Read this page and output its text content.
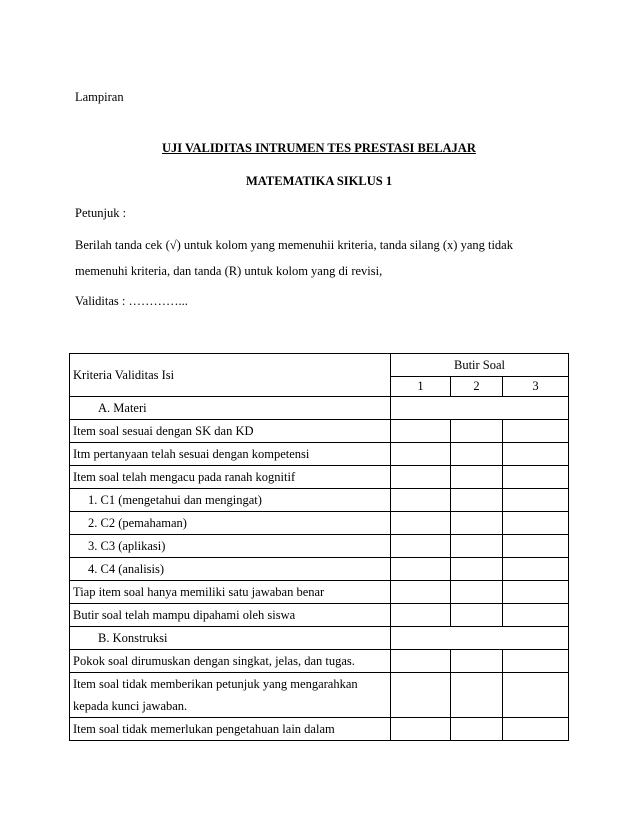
Lampiran
UJI VALIDITAS INTRUMEN TES PRESTASI BELAJAR
MATEMATIKA SIKLUS 1
Petunjuk :
Berilah tanda cek (√) untuk kolom yang memenuhii kriteria, tanda silang (x) yang tidak
memenuhi kriteria, dan tanda (R) untuk kolom yang di revisi,
Validitas : …………...
Kriteria Validitas Isi	Butir Soal		
	1	2	3
A. Materi			
Item soal sesuai dengan SK dan KD			
Itm pertanyaan telah sesuai dengan kompetensi			
Item soal telah mengacu pada ranah kognitif			
1. C1 (mengetahui dan mengingat)			
2. C2 (pemahaman)			
3. C3 (aplikasi)			
4. C4 (analisis)			
Tiap item soal hanya memiliki satu jawaban benar			
Butir soal telah mampu dipahami oleh siswa			
B. Konstruksi			
Pokok soal dirumuskan dengan singkat, jelas, dan tugas.			

Item soal tidak memberikan petunjuk yang mengarahkan
kepada kunci jawaban.			

Item soal tidak memerlukan pengetahuan lain dalam			
